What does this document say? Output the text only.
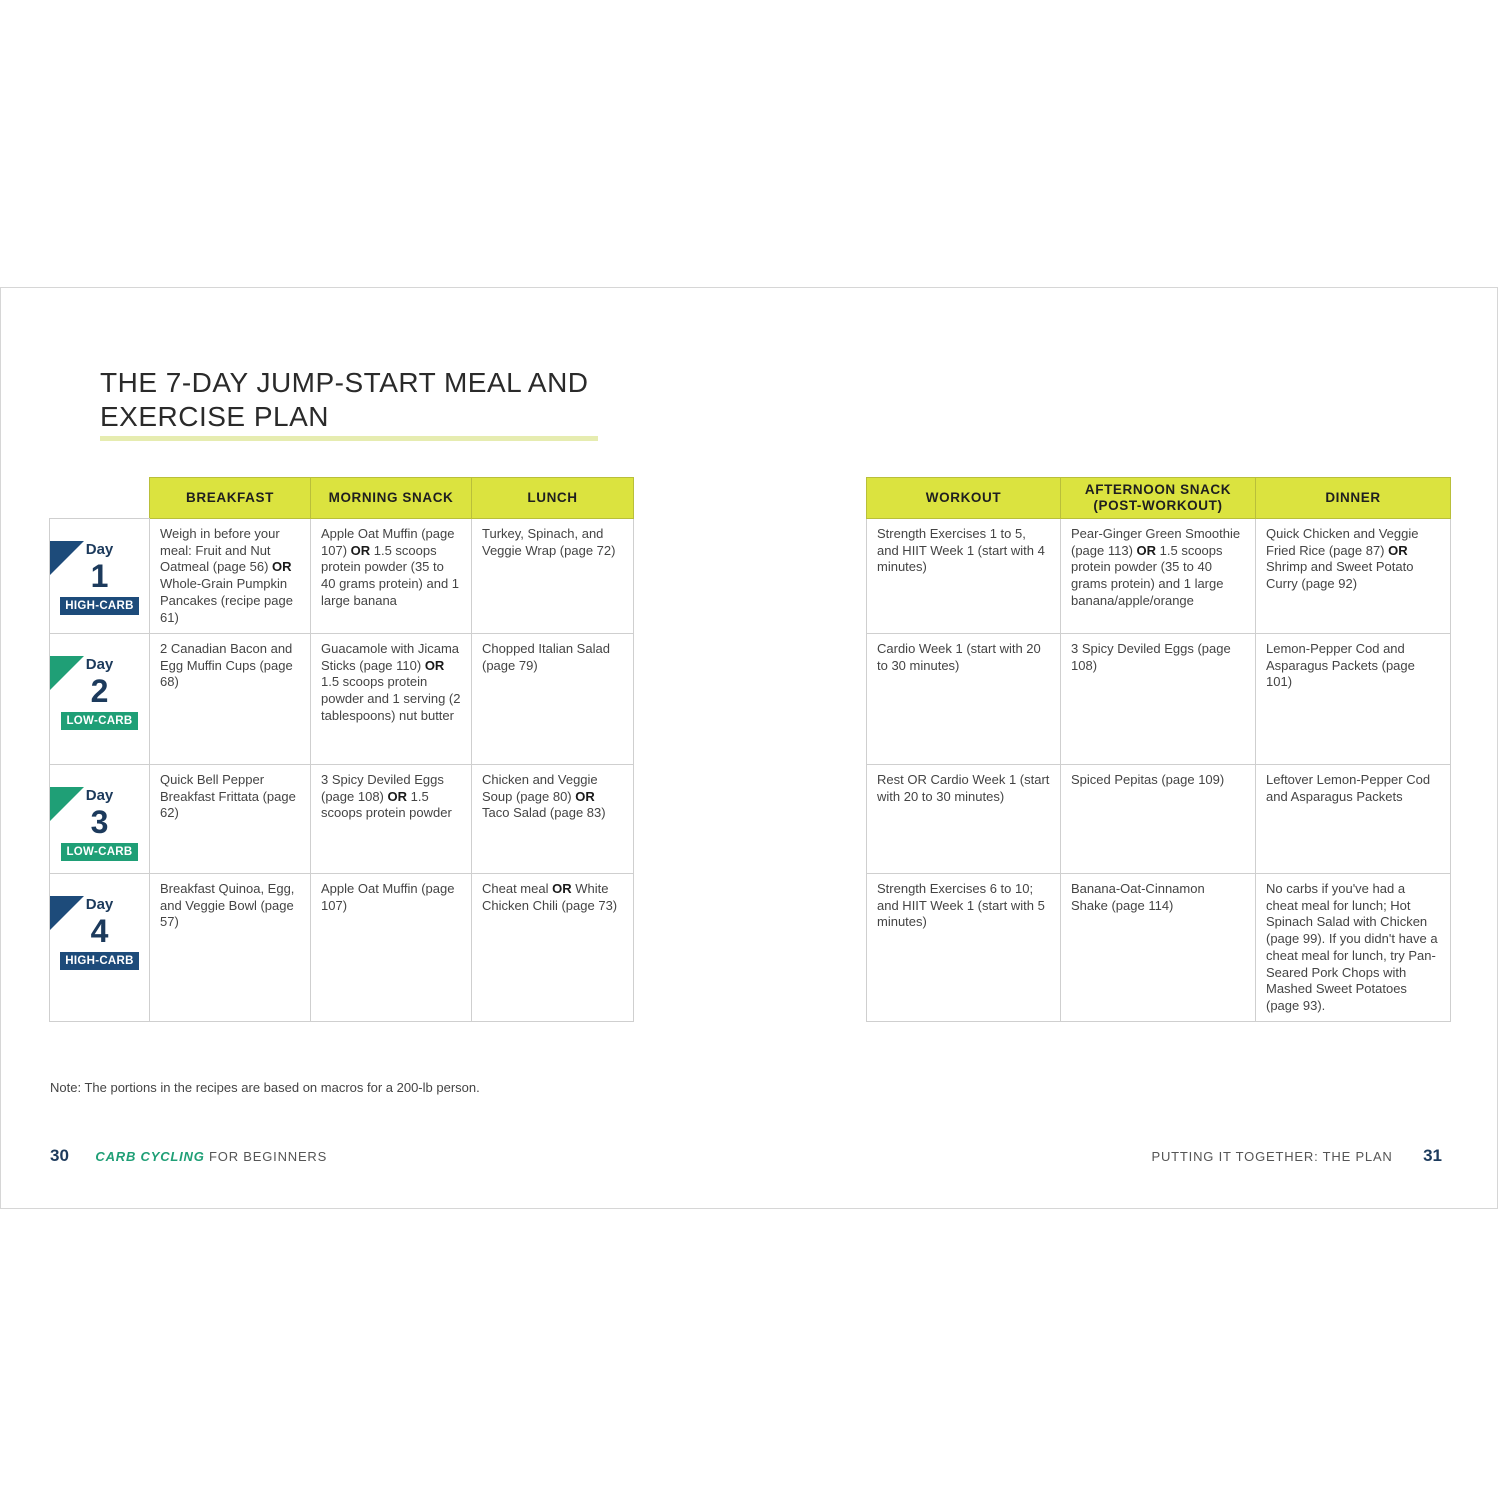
THE 7-DAY JUMP-START MEAL AND
EXERCISE PLAN
	BREAKFAST	MORNING SNACK	LUNCH

Day
1
HIGH-CARB	Weigh in before your meal: Fruit and Nut Oatmeal (page 56) OR Whole-Grain Pumpkin Pancakes (recipe page 61)	Apple Oat Muffin (page 107) OR 1.5 scoops protein powder (35 to 40 grams protein) and 1 large banana	Turkey, Spinach, and Veggie Wrap (page 72)

Day
2
LOW-CARB	2 Canadian Bacon and Egg Muffin Cups (page 68)	Guacamole with Jicama Sticks (page 110) OR 1.5 scoops protein powder and 1 serving (2 tablespoons) nut butter	Chopped Italian Salad (page 79)

Day
3
LOW-CARB	Quick Bell Pepper Breakfast Frittata (page 62)	3 Spicy Deviled Eggs (page 108) OR 1.5 scoops protein powder	Chicken and Veggie Soup (page 80) OR Taco Salad (page 83)

Day
4
HIGH-CARB	Breakfast Quinoa, Egg, and Veggie Bowl (page 57)	Apple Oat Muffin (page 107)	Cheat meal OR White Chicken Chili (page 73)
WORKOUT	AFTERNOON SNACK (POST-WORKOUT)	DINNER
Strength Exercises 1 to 5, and HIIT Week 1 (start with 4 minutes)	Pear-Ginger Green Smoothie (page 113) OR 1.5 scoops protein powder (35 to 40 grams protein) and 1 large banana/apple/orange	Quick Chicken and Veggie Fried Rice (page 87) OR Shrimp and Sweet Potato Curry (page 92)
Cardio Week 1 (start with 20 to 30 minutes)	3 Spicy Deviled Eggs (page 108)	Lemon-Pepper Cod and Asparagus Packets (page 101)
Rest OR Cardio Week 1 (start with 20 to 30 minutes)	Spiced Pepitas (page 109)	Leftover Lemon-Pepper Cod and Asparagus Packets
Strength Exercises 6 to 10; and HIIT Week 1 (start with 5 minutes)	Banana-Oat-Cinnamon Shake (page 114)	No carbs if you've had a cheat meal for lunch; Hot Spinach Salad with Chicken (page 99). If you didn't have a cheat meal for lunch, try Pan-Seared Pork Chops with Mashed Sweet Potatoes (page 93).
Note: The portions in the recipes are based on macros for a 200-lb person.
30 CARB CYCLING FOR BEGINNERS	PUTTING IT TOGETHER: THE PLAN 31
